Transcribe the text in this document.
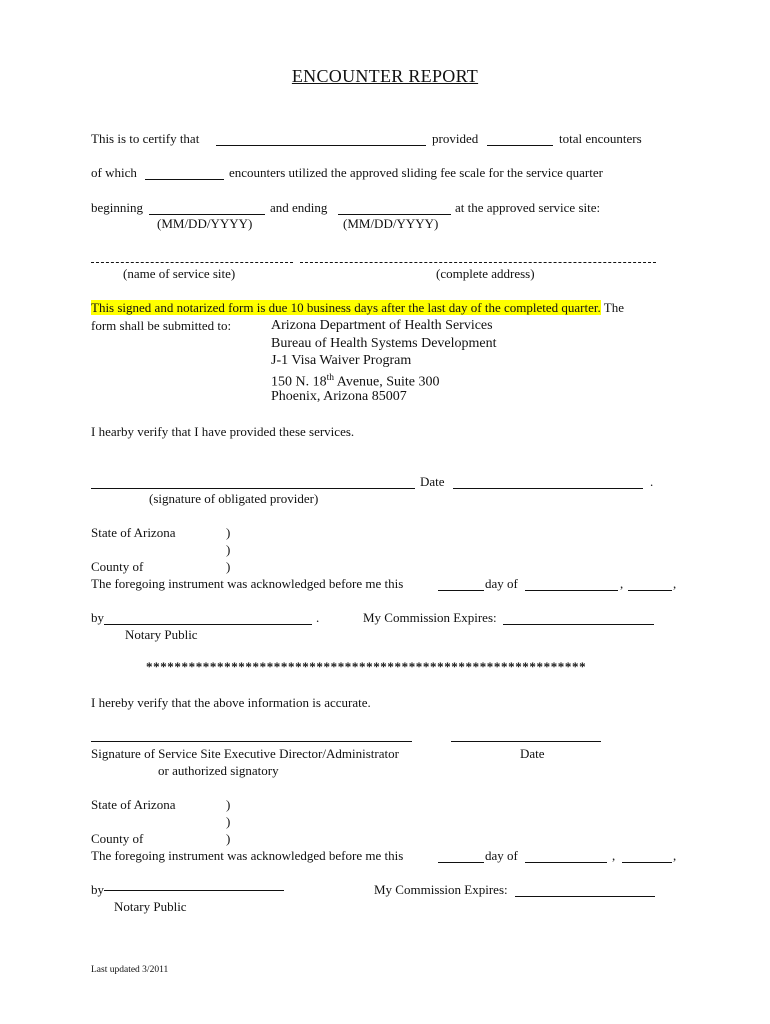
ENCOUNTER REPORT
This is to certify that	provided	total encounters
of which	encounters utilized the approved sliding fee scale for the service quarter
beginning	and ending	at the approved service site:
(MM/DD/YYYY)	(MM/DD/YYYY)
(name of service site)	(complete address)
This signed and notarized form is due 10 business days after the last day of the completed quarter. The
form shall be submitted to:	Arizona Department of Health Services
Bureau of Health Systems Development
J-1 Visa Waiver Program
150 N. 18th Avenue, Suite 300
Phoenix, Arizona 85007
I hearby verify that I have provided these services.
Date	.
(signature of obligated provider)
State of Arizona	)
)
County of	)
The foregoing instrument was acknowledged before me this	day of	,	,
by	.	My Commission Expires:
Notary Public
**************************************************************
I hereby verify that the above information is accurate.
Signature of Service Site Executive Director/Administrator	Date
or authorized signatory
State of Arizona	)
)
County of	)
The foregoing instrument was acknowledged before me this	day of	,	,
by	My Commission Expires:
Notary Public
Last updated 3/2011
